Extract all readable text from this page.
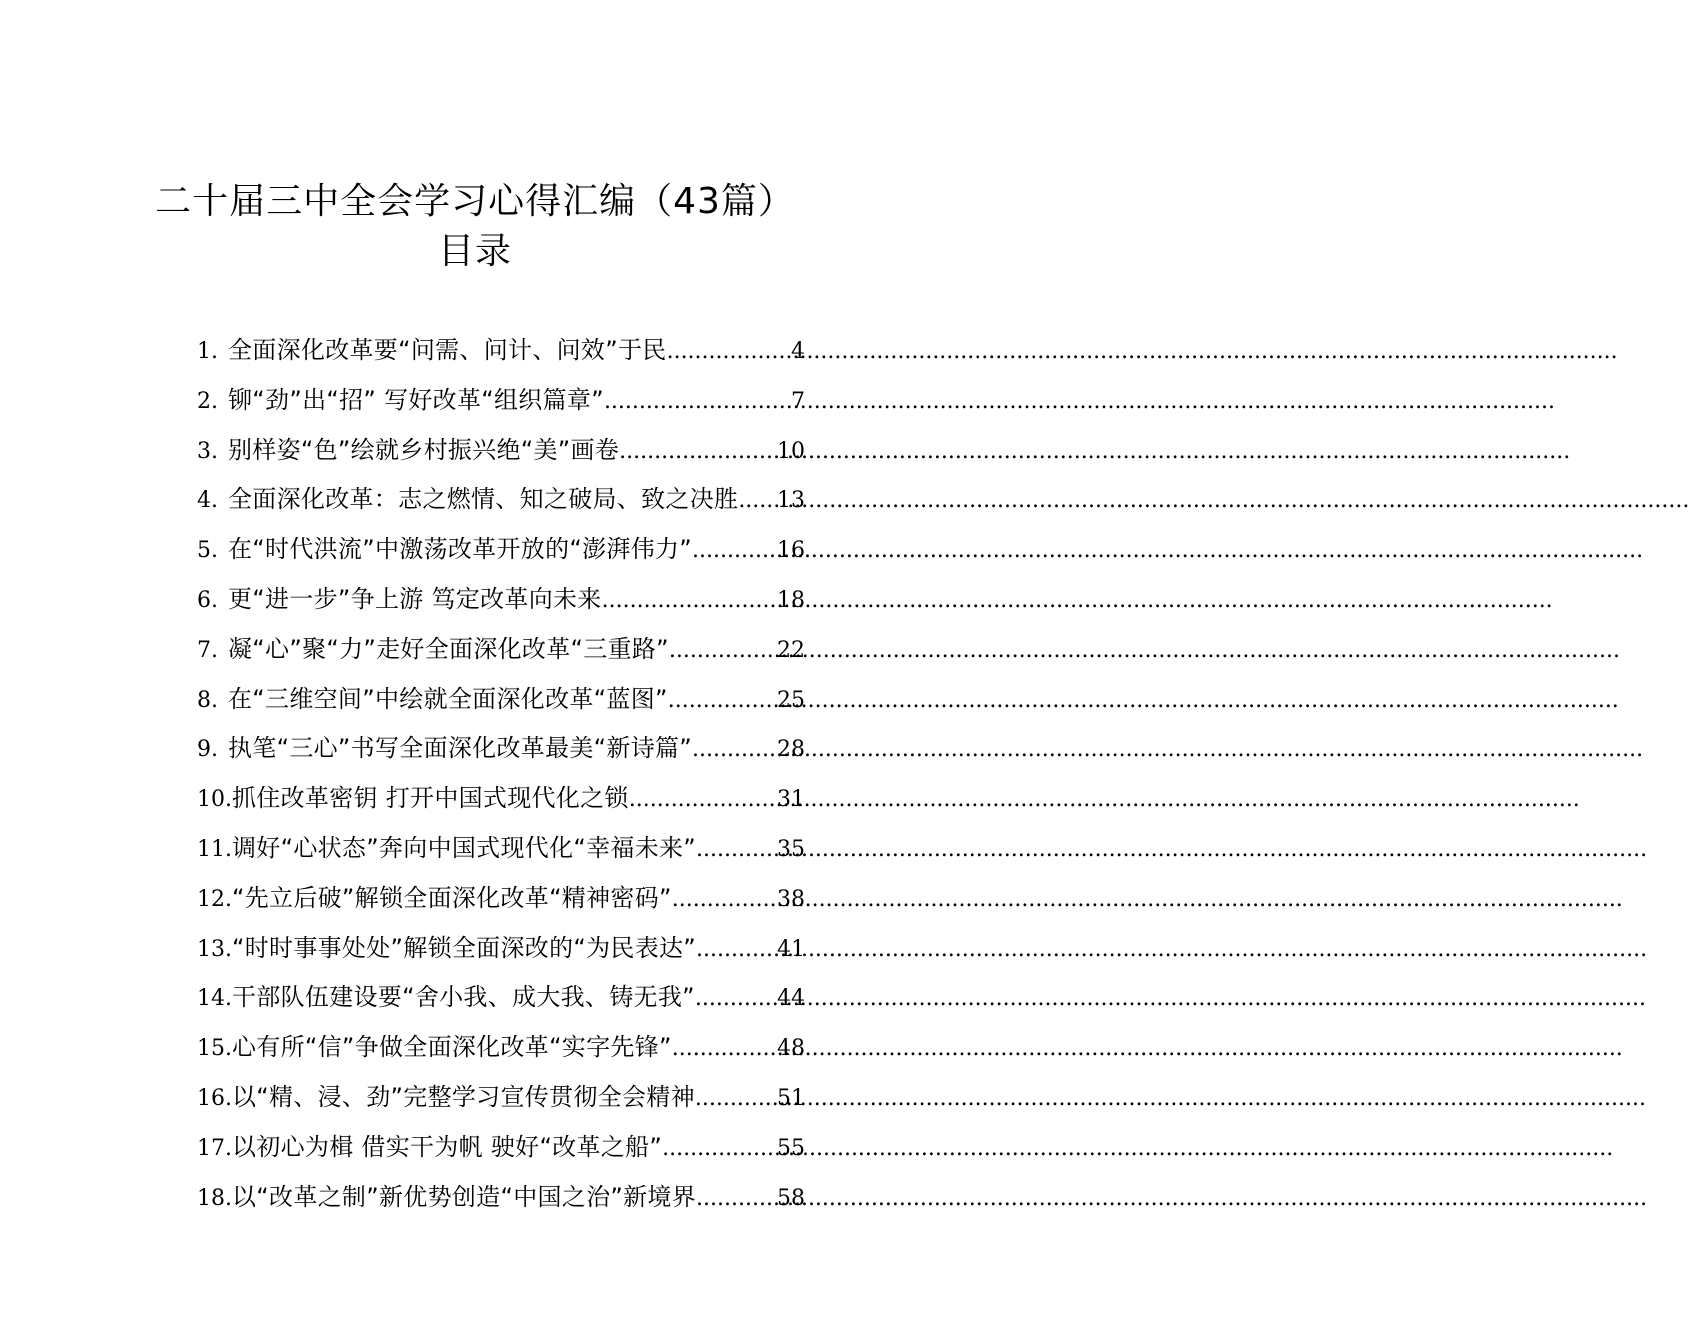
二十届三中全会学习心得汇编（43篇）
目录
1. 全面深化改革要“问需、问计、问效”于民 .....	4
2. 铆“劲”出“招” 写好改革“组织篇章” .....	7
3. 别样姿“色”绘就乡村振兴绝“美”画卷 .....	10
4. 全面深化改革：志之燃情、知之破局、致之决胜 ..... 13
5. 在“时代洪流”中激荡改革开放的“澎湃伟力” .....	16
6. 更“进一步”争上游 笃定改革向未来 .....	18
7. 凝“心”聚“力”走好全面深化改革“三重路” .....	22
8. 在“三维空间”中绘就全面深化改革“蓝图” .....	25
9. 执笔“三心”书写全面深化改革最美“新诗篇” .....	28
10. 抓住改革密钥 打开中国式现代化之锁 .....	31
11. 调好“心状态”奔向中国式现代化“幸福未来” .....	35
12. “先立后破”解锁全面深化改革“精神密码” .....	38
13. “时时事事处处”解锁全面深改的“为民表达” .....	41
14. 干部队伍建设要“舍小我、成大我、铸无我” .....	44
15. 心有所“信”争做全面深化改革“实字先锋” .....	48
16. 以“精、浸、劲”完整学习宣传贯彻全会精神 .....	51
17. 以初心为楫 借实干为帆 驶好“改革之船” .....	55
18. 以“改革之制”新优势创造“中国之治”新境界 .....	58
